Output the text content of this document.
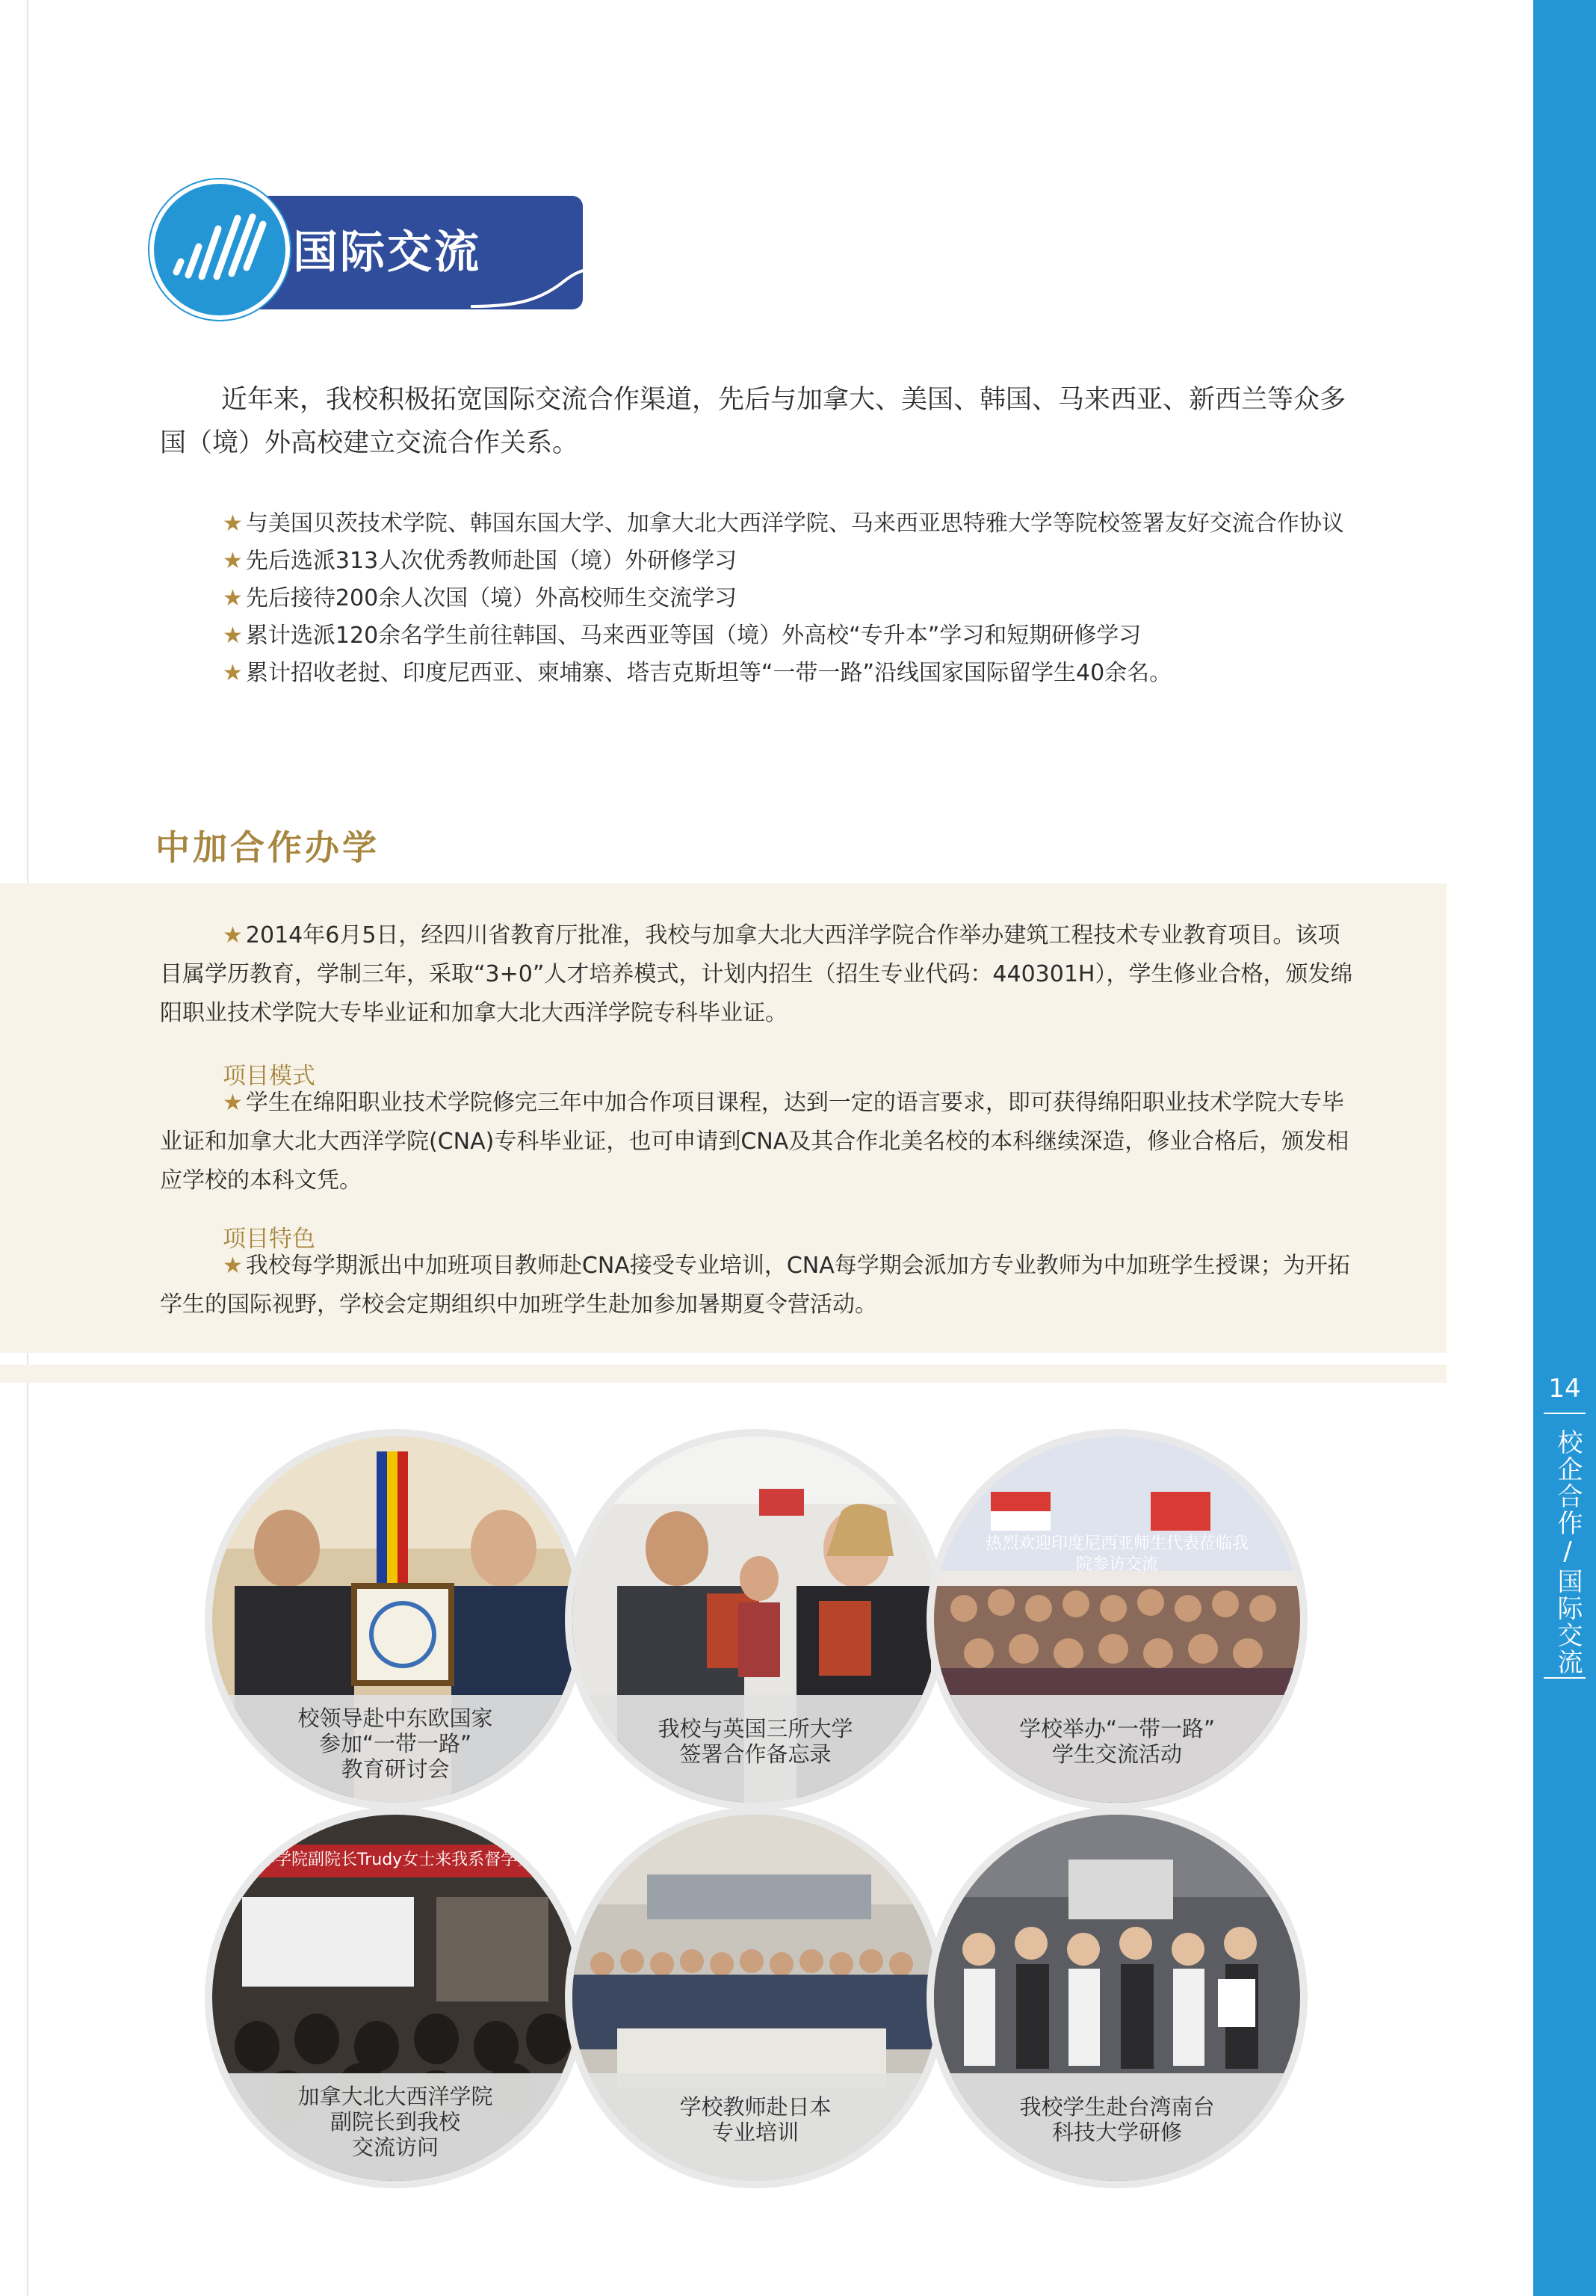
14
校企合作/国际交流
国际交流

近年来，我校积极拓宽国际交流合作渠道，先后与加拿大、美国、韩国、马来西亚、新西兰等众多国（境）外高校建立交流合作关系。

★ 与美国贝茨技术学院、韩国东国大学、加拿大北大西洋学院、马来西亚思特雅大学等院校签署友好交流合作协议
★ 先后选派313人次优秀教师赴国（境）外研修学习
★ 先后接待200余人次国（境）外高校师生交流学习
★ 累计选派120余名学生前往韩国、马来西亚等国（境）外高校“专升本”学习和短期研修学习
★ 累计招收老挝、印度尼西亚、柬埔寨、塔吉克斯坦等“一带一路”沿线国家国际留学生40余名。
中加合作办学

★ 2014年6月5日，经四川省教育厅批准，我校与加拿大北大西洋学院合作举办建筑工程技术专业教育项目。该项目属学历教育，学制三年，采取“3+0”人才培养模式，计划内招生（招生专业代码：440301H），学生修业合格，颁发绵阳职业技术学院大专毕业证和加拿大北大西洋学院专科毕业证。

项目模式

★ 学生在绵阳职业技术学院修完三年中加合作项目课程，达到一定的语言要求，即可获得绵阳职业技术学院大专毕业证和加拿大北大西洋学院(CNA)专科毕业证，也可申请到CNA及其合作北美名校的本科继续深造，修业合格后，颁发相应学校的本科文凭。

项目特色

★ 我校每学期派出中加班项目教师赴CNA接受专业培训，CNA每学期会派加方专业教师为中加班学生授课；为开拓学生的国际视野，学校会定期组织中加班学生赴加参加暑期夏令营活动。

校领导赴中东欧国家
参加“一带一路”
教育研讨会
我校与英国三所大学
签署合作备忘录
学校举办“一带一路”
学生交流活动
热烈欢迎印度尼西亚师生代表莅临我院参访交流
西洋学院副院长Trudy女士来我系督学交流
加拿大北大西洋学院
副院长到我校
交流访问
学校教师赴日本
专业培训
我校学生赴台湾南台
科技大学研修
